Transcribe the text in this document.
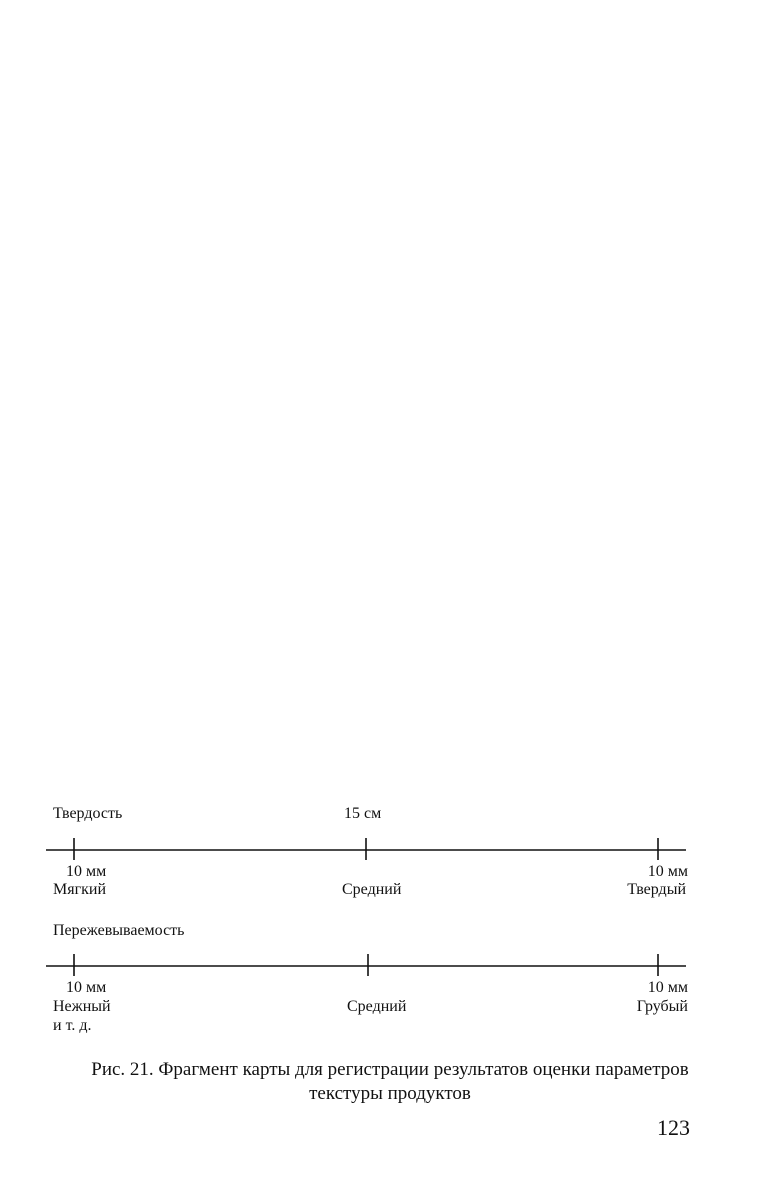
Твердость	15 см
10 мм	10 мм
Мягкий	Средний	Твердый
Пережевываемость
10 мм	10 мм
Нежный	Средний	Грубый
и т. д.
Рис. 21. Фрагмент карты для регистрации результатов оценки параметров
текстуры продуктов
123
